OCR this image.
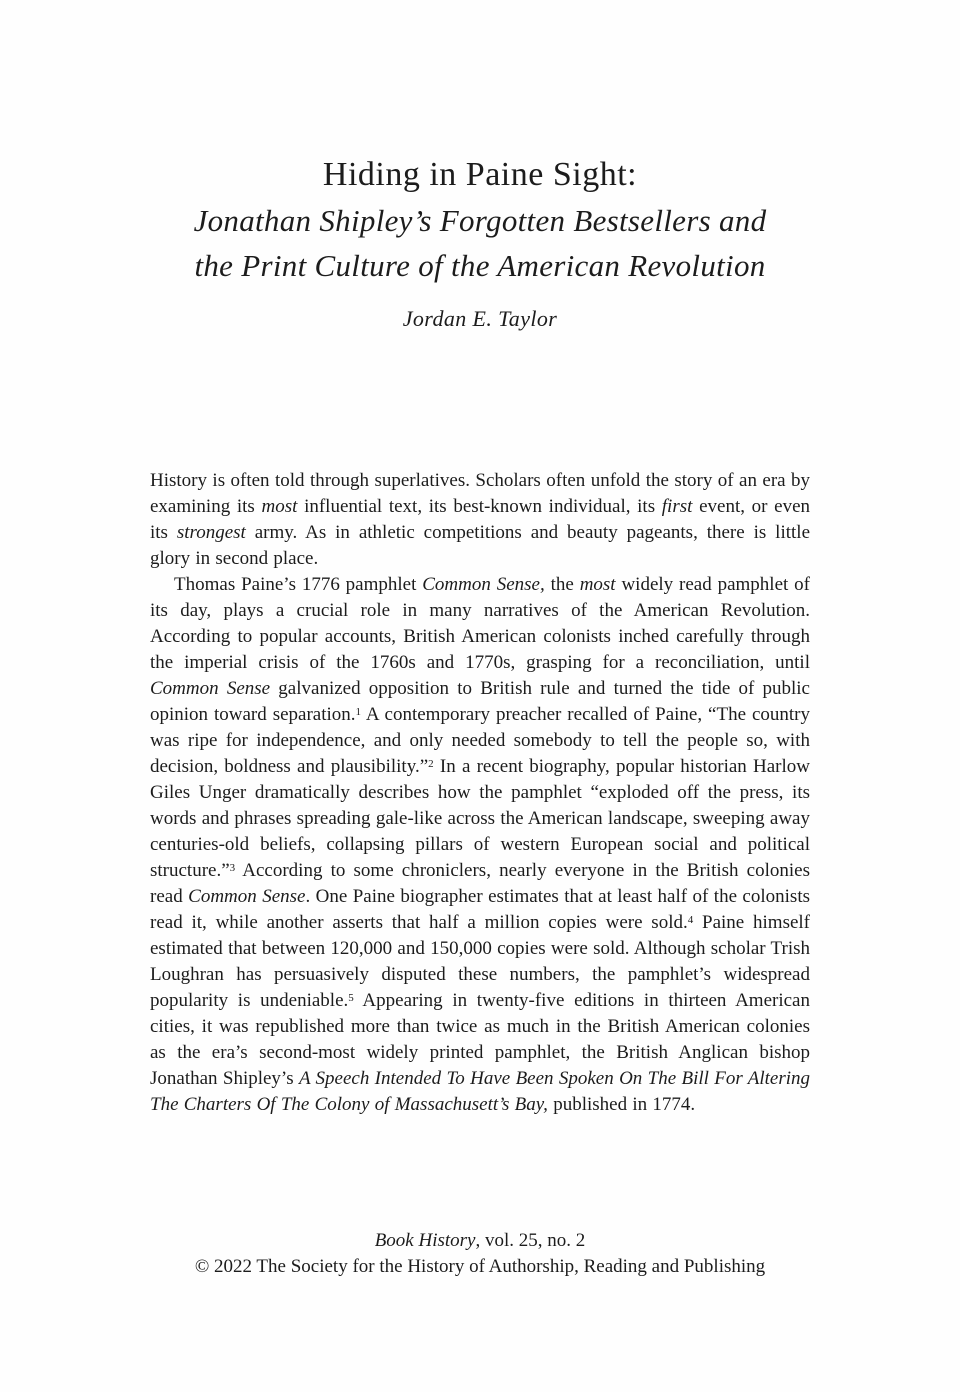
Hiding in Paine Sight:
Jonathan Shipley’s Forgotten Bestsellers and
the Print Culture of the American Revolution
Jordan E. Taylor

History is often told through superlatives. Scholars often unfold the story of an era by examining its most influential text, its best-known individual, its first event, or even its strongest army. As in athletic competitions and beauty pageants, there is little glory in second place.

Thomas Paine’s 1776 pamphlet Common Sense, the most widely read pamphlet of its day, plays a crucial role in many narratives of the American Revolution. According to popular accounts, British American colonists inched carefully through the imperial crisis of the 1760s and 1770s, grasping for a reconciliation, until Common Sense galvanized opposition to British rule and turned the tide of public opinion toward separation.$^1$ A contemporary preacher recalled of Paine, “The country was ripe for independence, and only needed somebody to tell the people so, with decision, boldness and plausibility.”$^2$ In a recent biography, popular historian Harlow Giles Unger dramatically describes how the pamphlet “exploded off the press, its words and phrases spreading gale-like across the American landscape, sweeping away centuries-old beliefs, collapsing pillars of western European social and political structure.”$^3$ According to some chroniclers, nearly everyone in the British colonies read Common Sense. One Paine biographer estimates that at least half of the colonists read it, while another asserts that half a million copies were sold.$^4$ Paine himself estimated that between 120,000 and 150,000 copies were sold. Although scholar Trish Loughran has persuasively disputed these numbers, the pamphlet’s widespread popularity is undeniable.$^5$ Appearing in twenty-five editions in thirteen American cities, it was republished more than twice as much in the British American colonies as the era’s second-most widely printed pamphlet, the British Anglican bishop Jonathan Shipley’s A Speech Intended To Have Been Spoken On The Bill For Altering The Charters Of The Colony of Massachusett’s Bay, published in 1774.

Book History, vol. 25, no. 2
© 2022 The Society for the History of Authorship, Reading and Publishing
